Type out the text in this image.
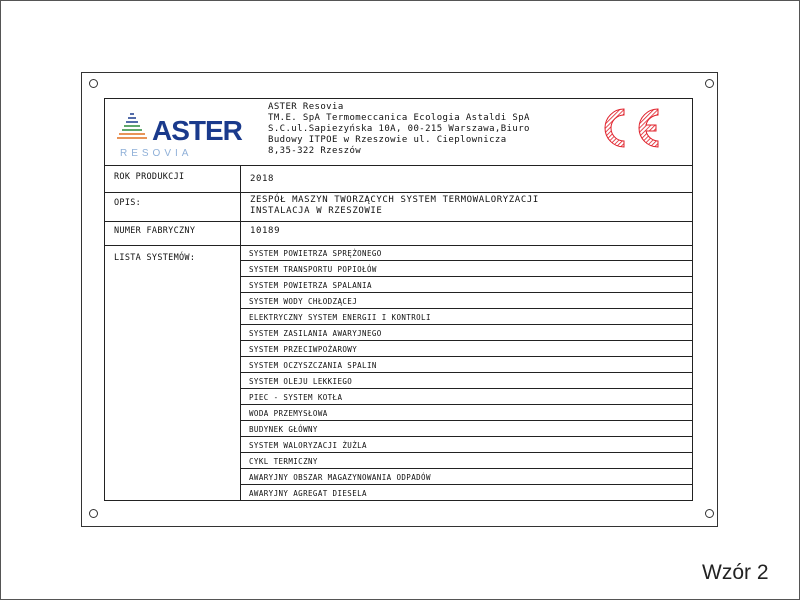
ASTER
RESOVIA
ASTER Resovia
TM.E. SpA Termomeccanica Ecologia Astaldi SpA
S.C.ul.Sapiezyńska 10A, 00-215 Warszawa,Biuro
Budowy ITPOE w Rzeszowie ul. Cieplownicza
8,35-322 Rzeszów
CE
ROK PRODUKCJI	2018
OPIS:	ZESPÓŁ MASZYN TWORZĄCYCH SYSTEM TERMOWALORYZACJI
INSTALACJA W RZESZOWIE
NUMER FABRYCZNY	10189
LISTA SYSTEMÓW:	SYSTEM POWIETRZA SPRĘŻONEGO
SYSTEM TRANSPORTU POPIOŁÓW
SYSTEM POWIETRZA SPALANIA
SYSTEM WODY CHŁODZĄCEJ
ELEKTRYCZNY SYSTEM ENERGII I KONTROLI
SYSTEM ZASILANIA AWARYJNEGO
SYSTEM PRZECIWPOŻAROWY
SYSTEM OCZYSZCZANIA SPALIN
SYSTEM OLEJU LEKKIEGO
PIEC - SYSTEM KOTŁA
WODA PRZEMYSŁOWA
BUDYNEK GŁÓWNY
SYSTEM WALORYZACJI ŻUŻLA
CYKL TERMICZNY
AWARYJNY OBSZAR MAGAZYNOWANIA ODPADÓW
AWARYJNY AGREGAT DIESELA
Wzór 2
